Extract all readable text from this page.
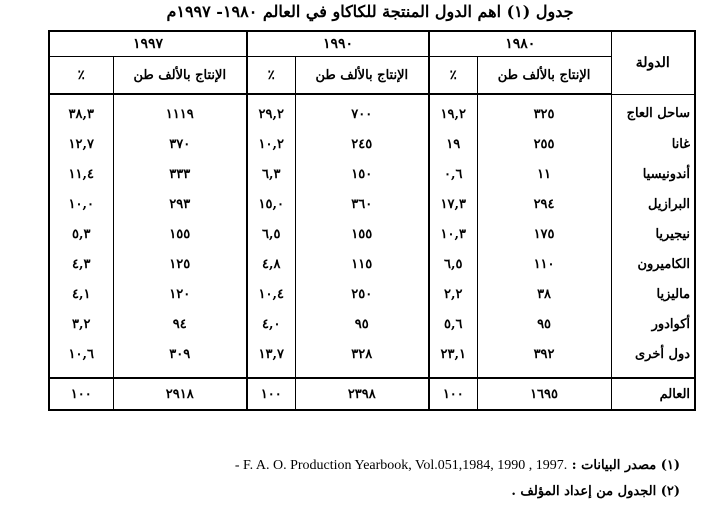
جدول (١) اهم الدول المنتجة للكاكاو في العالم ١٩٨٠- ١٩٩٧م
الدولة	١٩٨٠		١٩٩٠		١٩٩٧	
	الإنتاج بالألف طن	٪	الإنتاج بالألف طن	٪	الإنتاج بالألف طن	٪
ساحل العاج	٣٢٥	١٩,٢	٧٠٠	٢٩,٢	١١١٩	٣٨,٣
غانا	٢٥٥	١٩	٢٤٥	١٠,٢	٣٧٠	١٢,٧
أندونيسيا	١١	٠,٦	١٥٠	٦,٣	٣٣٣	١١,٤
البرازيل	٢٩٤	١٧,٣	٣٦٠	١٥,٠	٢٩٣	١٠,٠
نيجيريا	١٧٥	١٠,٣	١٥٥	٦,٥	١٥٥	٥,٣
الكاميرون	١١٠	٦,٥	١١٥	٤,٨	١٢٥	٤,٣
ماليزيا	٣٨	٢,٢	٢٥٠	١٠,٤	١٢٠	٤,١
أكوادور	٩٥	٥,٦	٩٥	٤,٠	٩٤	٣,٢
دول أخرى	٣٩٢	٢٣,١	٣٢٨	١٣,٧	٣٠٩	١٠,٦

العالم	١٦٩٥	١٠٠	٢٣٩٨	١٠٠	٢٩١٨	١٠٠
(١) مصدر البيانات : - F. A. O. Production Yearbook, Vol.051,1984, 1990 , 1997.
(٢) الجدول من إعداد المؤلف .
